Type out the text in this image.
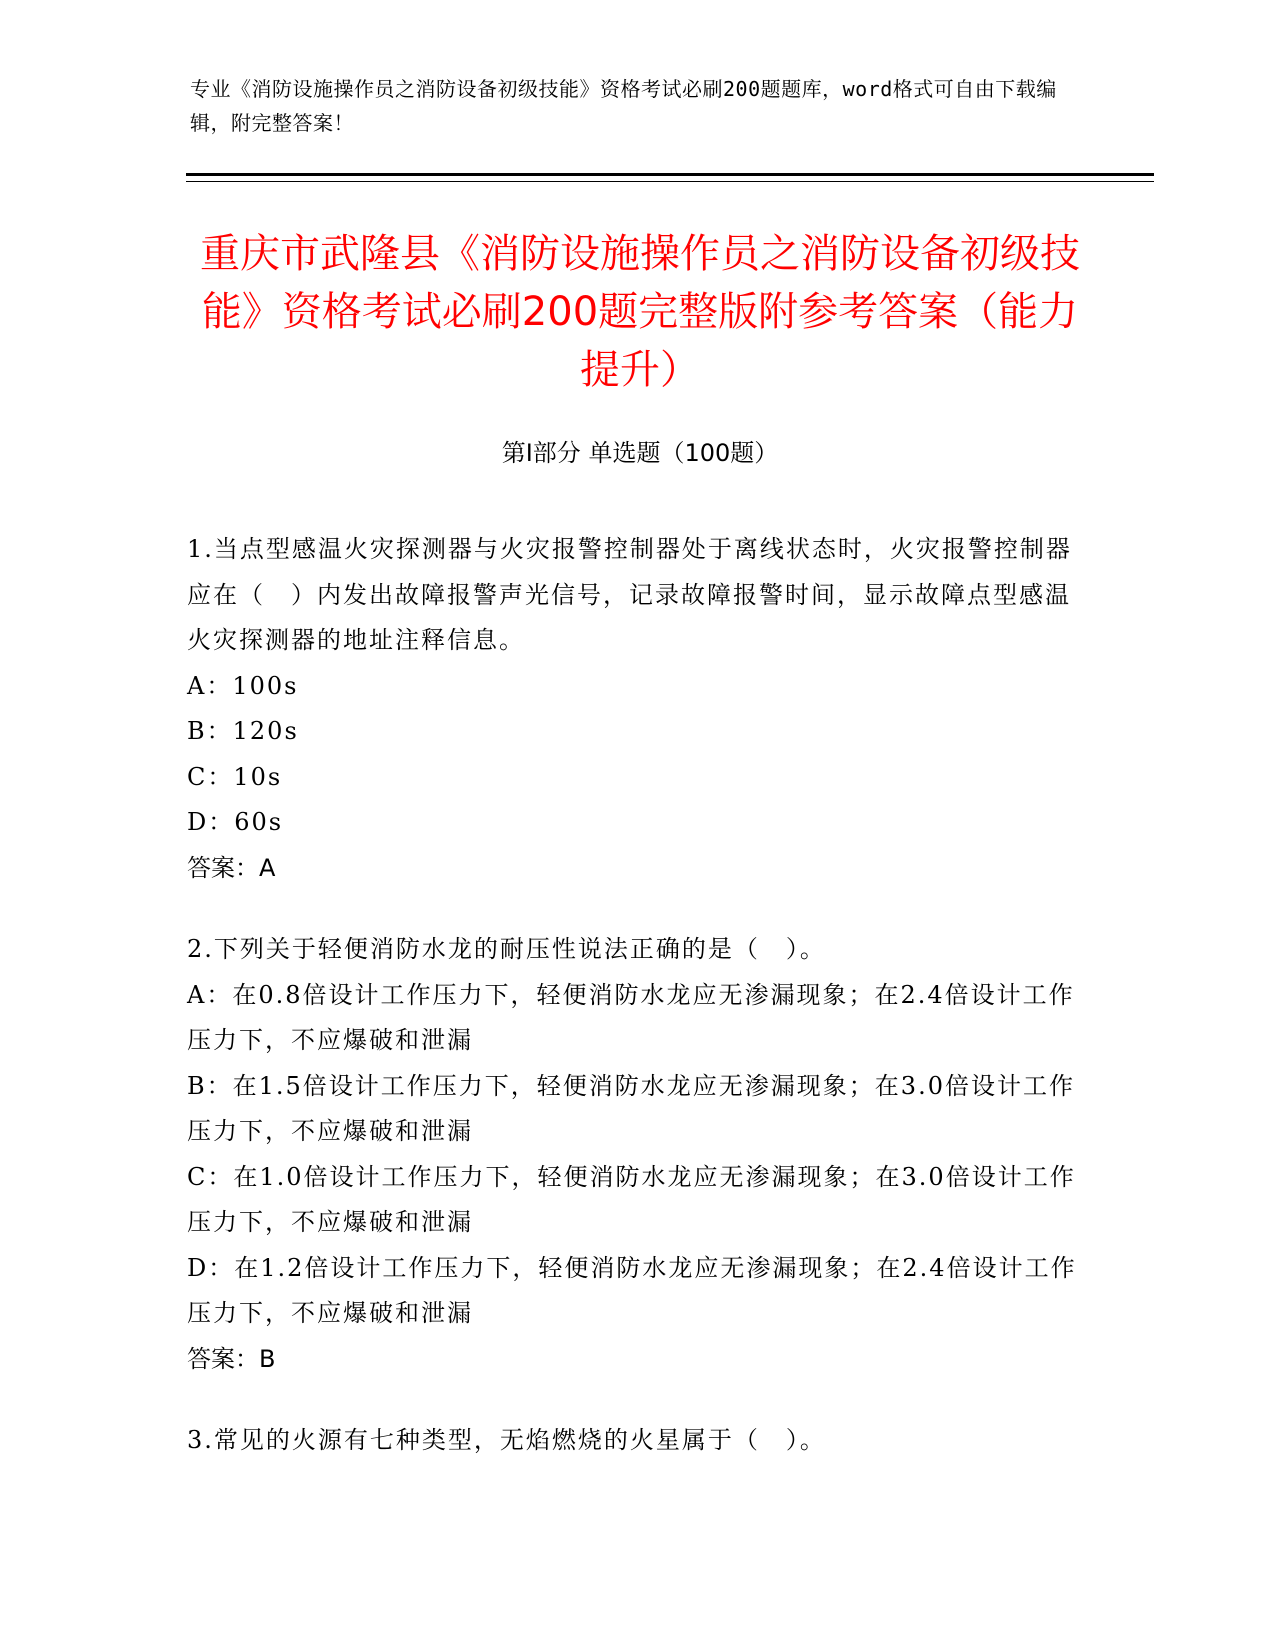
专业《消防设施操作员之消防设备初级技能》资格考试必刷200题题库，word格式可自由下载编辑，附完整答案！
重庆市武隆县《消防设施操作员之消防设备初级技能》资格考试必刷200题完整版附参考答案（能力提升）
第Ⅰ部分 单选题（100题）

1.当点型感温火灾探测器与火灾报警控制器处于离线状态时，火灾报警控制器应在（　）内发出故障报警声光信号，记录故障报警时间，显示故障点型感温火灾探测器的地址注释信息。

A：100s

B：120s

C：10s

D：60s

答案：A

2.下列关于轻便消防水龙的耐压性说法正确的是（　）。

A：在0.8倍设计工作压力下，轻便消防水龙应无渗漏现象；在2.4倍设计工作压力下，不应爆破和泄漏

B：在1.5倍设计工作压力下，轻便消防水龙应无渗漏现象；在3.0倍设计工作压力下，不应爆破和泄漏

C：在1.0倍设计工作压力下，轻便消防水龙应无渗漏现象；在3.0倍设计工作压力下，不应爆破和泄漏

D：在1.2倍设计工作压力下，轻便消防水龙应无渗漏现象；在2.4倍设计工作压力下，不应爆破和泄漏

答案：B

3.常见的火源有七种类型，无焰燃烧的火星属于（　）。
